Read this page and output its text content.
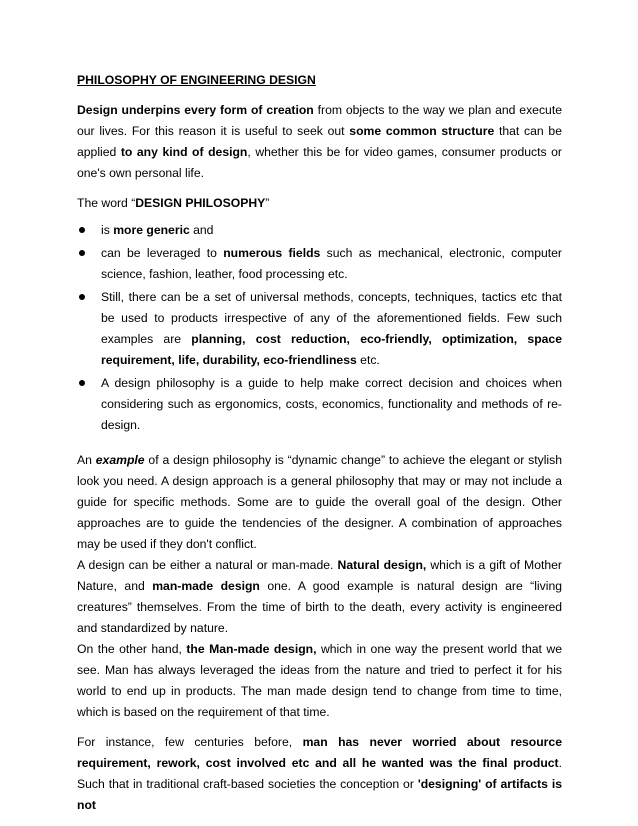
PHILOSOPHY OF ENGINEERING DESIGN

Design underpins every form of creation from objects to the way we plan and execute our lives. For this reason it is useful to seek out some common structure that can be applied to any kind of design, whether this be for video games, consumer products or one's own personal life.

The word “DESIGN PHILOSOPHY”

is more generic and
can be leveraged to numerous fields such as mechanical, electronic, computer science, fashion, leather, food processing etc.
Still, there can be a set of universal methods, concepts, techniques, tactics etc that be used to products irrespective of any of the aforementioned fields. Few such examples are planning, cost reduction, eco-friendly, optimization, space requirement, life, durability, eco-friendliness etc.
A design philosophy is a guide to help make correct decision and choices when considering such as ergonomics, costs, economics, functionality and methods of re-design.

An example of a design philosophy is “dynamic change” to achieve the elegant or stylish look you need. A design approach is a general philosophy that may or may not include a guide for specific methods. Some are to guide the overall goal of the design. Other approaches are to guide the tendencies of the designer. A combination of approaches may be used if they don't conflict.

A design can be either a natural or man-made. Natural design, which is a gift of Mother Nature, and man-made design one. A good example is natural design are “living creatures” themselves. From the time of birth to the death, every activity is engineered and standardized by nature.

On the other hand, the Man-made design, which in one way the present world that we see. Man has always leveraged the ideas from the nature and tried to perfect it for his world to end up in products. The man made design tend to change from time to time, which is based on the requirement of that time.

For instance, few centuries before, man has never worried about resource requirement, rework, cost involved etc and all he wanted was the final product. Such that in traditional craft-based societies the conception or 'designing' of artifacts is not
